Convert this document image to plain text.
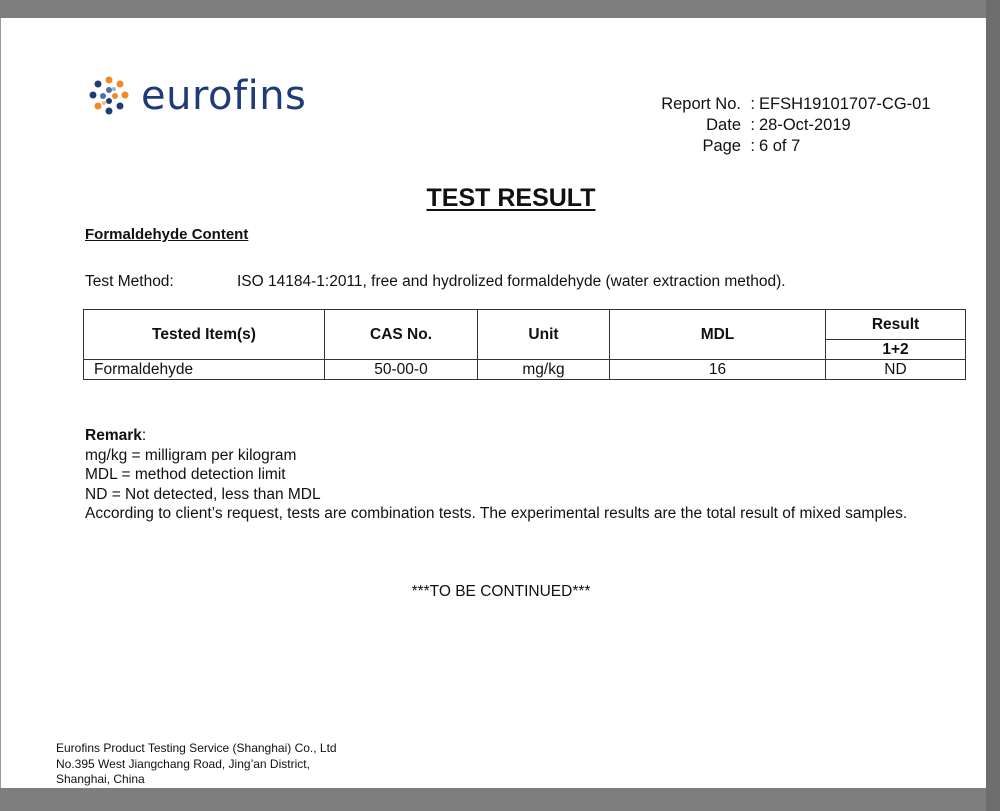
eurofins	Report No. : EFSH19101707-CG-01
Date : 28-Oct-2019
Page : 6 of 7
TEST RESULT
Formaldehyde Content
Test Method:	ISO 14184-1:2011, free and hydrolized formaldehyde (water extraction method).
Tested Item(s)	CAS No.	Unit	MDL	Result
				1+2
Formaldehyde	50-00-0	mg/kg	16	ND
Remark:
mg/kg = milligram per kilogram
MDL = method detection limit
ND = Not detected, less than MDL
According to client’s request, tests are combination tests. The experimental results are the total result of mixed samples.
***TO BE CONTINUED***
Eurofins Product Testing Service (Shanghai) Co., Ltd
No.395 West Jiangchang Road, Jing’an District,
Shanghai, China
